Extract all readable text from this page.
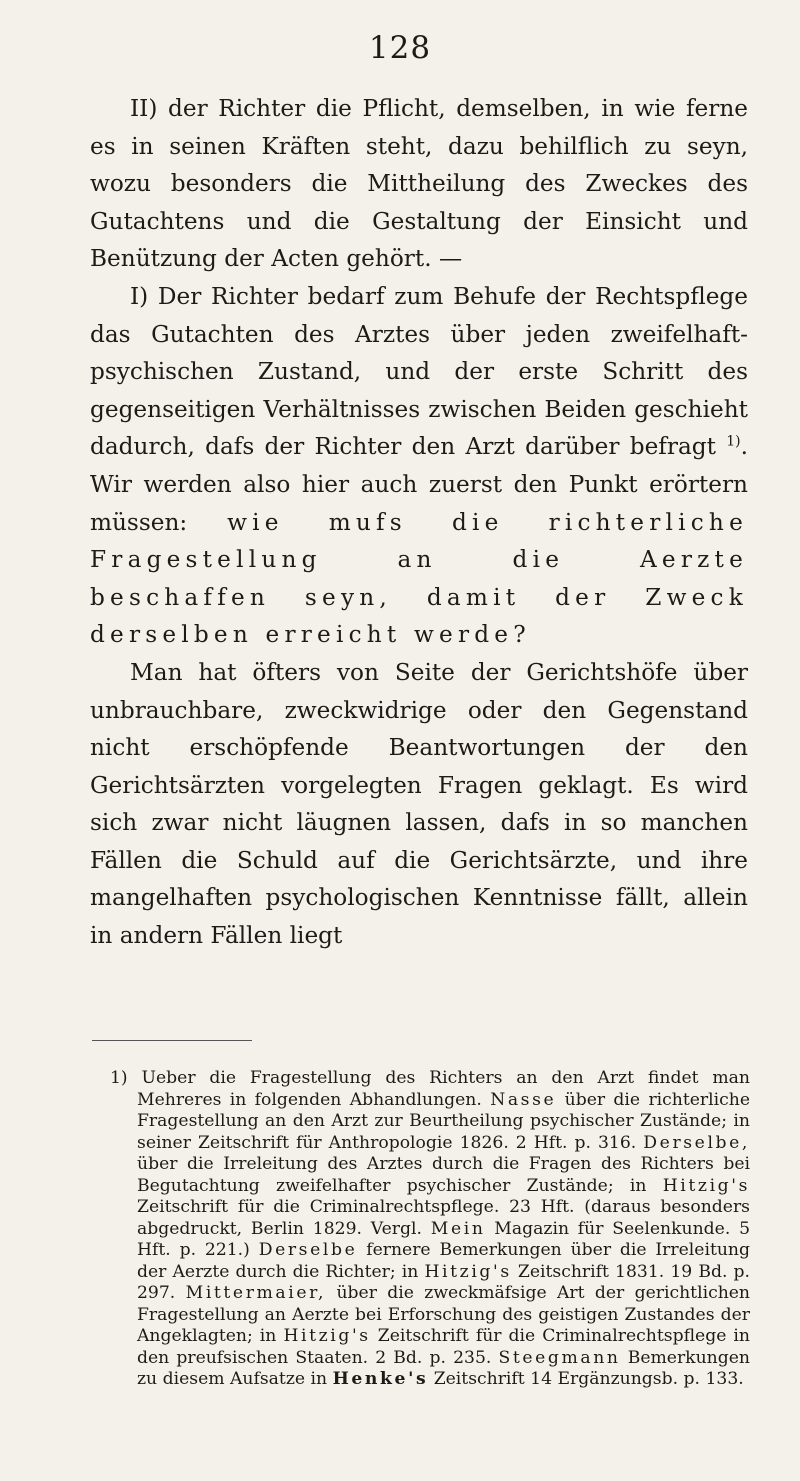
128

II) der Richter die Pflicht, demselben, in wie ferne es in seinen Kräften steht, dazu behilflich zu seyn, wozu besonders die Mittheilung des Zweckes des Gutachtens und die Gestaltung der Einsicht und Benützung der Acten gehört. —

I) Der Richter bedarf zum Behufe der Rechtspflege das Gutachten des Arztes über jeden zweifelhaft-psychischen Zustand, und der erste Schritt des gegenseitigen Verhältnisses zwischen Beiden geschieht dadurch, dafs der Richter den Arzt darüber befragt $^{1)}$. Wir werden also hier auch zuerst den Punkt erörtern müssen: wie mufs die richterliche Fragestellung an die Aerzte beschaffen seyn, damit der Zweck derselben erreicht werde?

Man hat öfters von Seite der Gerichtshöfe über unbrauchbare, zweckwidrige oder den Gegenstand nicht erschöpfende Beantwortungen der den Gerichtsärzten vorgelegten Fragen geklagt. Es wird sich zwar nicht läugnen lassen, dafs in so manchen Fällen die Schuld auf die Gerichtsärzte, und ihre mangelhaften psychologischen Kenntnisse fällt, allein in andern Fällen liegt

1) Ueber die Fragestellung des Richters an den Arzt findet man Mehreres in folgenden Abhandlungen. Nasse über die richterliche Fragestellung an den Arzt zur Beurtheilung psychischer Zustände; in seiner Zeitschrift für Anthropologie 1826. 2 Hft. p. 316. Derselbe, über die Irreleitung des Arztes durch die Fragen des Richters bei Begutachtung zweifelhafter psychischer Zustände; in Hitzig's Zeitschrift für die Criminalrechtspflege. 23 Hft. (daraus besonders abgedruckt, Berlin 1829. Vergl. Mein Magazin für Seelenkunde. 5 Hft. p. 221.) Derselbe fernere Bemerkungen über die Irreleitung der Aerzte durch die Richter; in Hitzig's Zeitschrift 1831. 19 Bd. p. 297. Mittermaier, über die zweckmäfsige Art der gerichtlichen Fragestellung an Aerzte bei Erforschung des geistigen Zustandes der Angeklagten; in Hitzig's Zeitschrift für die Criminalrechtspflege in den preufsischen Staaten. 2 Bd. p. 235. Steegmann Bemerkungen zu diesem Aufsatze in Henke's Zeitschrift 14 Ergänzungsb. p. 133.
